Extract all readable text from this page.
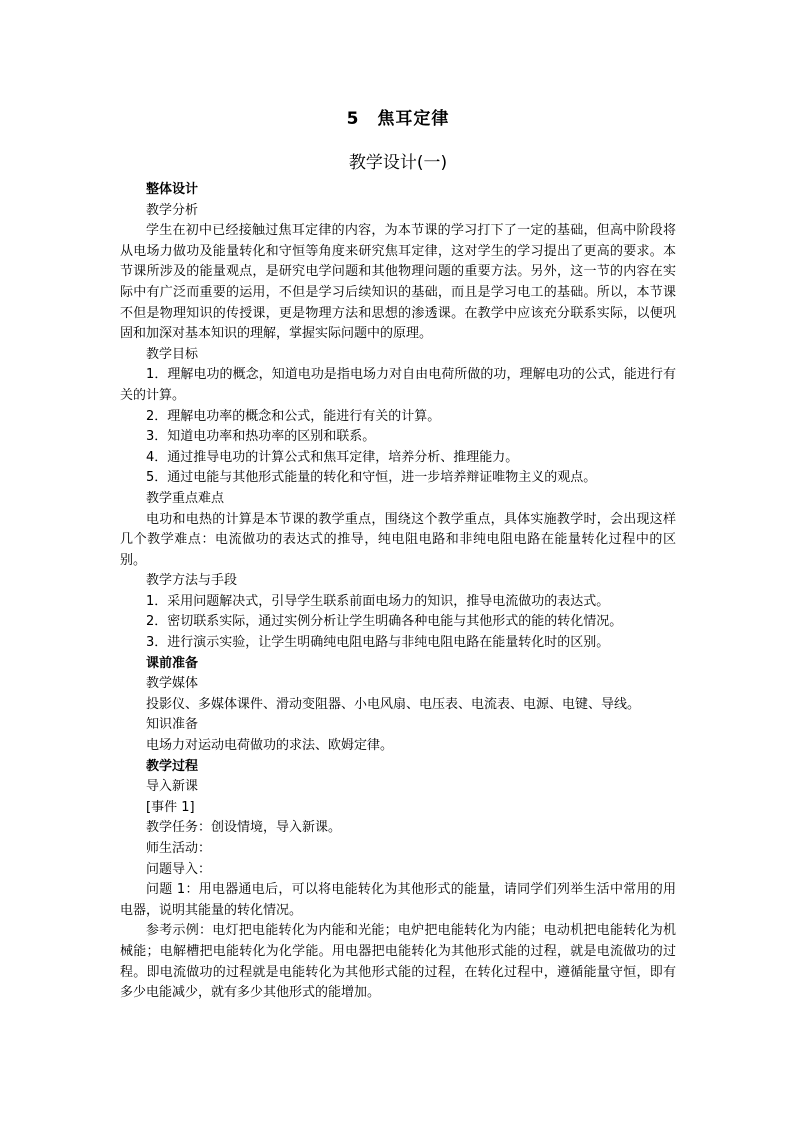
5　焦耳定律
教学设计(一)

整体设计

教学分析

学生在初中已经接触过焦耳定律的内容，为本节课的学习打下了一定的基础，但高中阶段将从电场力做功及能量转化和守恒等角度来研究焦耳定律，这对学生的学习提出了更高的要求。本节课所涉及的能量观点，是研究电学问题和其他物理问题的重要方法。另外，这一节的内容在实际中有广泛而重要的运用，不但是学习后续知识的基础，而且是学习电工的基础。所以，本节课不但是物理知识的传授课，更是物理方法和思想的渗透课。在教学中应该充分联系实际，以便巩固和加深对基本知识的理解，掌握实际问题中的原理。

教学目标

1．理解电功的概念，知道电功是指电场力对自由电荷所做的功，理解电功的公式，能进行有关的计算。

2．理解电功率的概念和公式，能进行有关的计算。

3．知道电功率和热功率的区别和联系。

4．通过推导电功的计算公式和焦耳定律，培养分析、推理能力。

5．通过电能与其他形式能量的转化和守恒，进一步培养辩证唯物主义的观点。

教学重点难点

电功和电热的计算是本节课的教学重点，围绕这个教学重点，具体实施教学时，会出现这样几个教学难点：电流做功的表达式的推导，纯电阻电路和非纯电阻电路在能量转化过程中的区别。

教学方法与手段

1．采用问题解决式，引导学生联系前面电场力的知识，推导电流做功的表达式。

2．密切联系实际，通过实例分析让学生明确各种电能与其他形式的能的转化情况。

3．进行演示实验，让学生明确纯电阻电路与非纯电阻电路在能量转化时的区别。

课前准备

教学媒体

投影仪、多媒体课件、滑动变阻器、小电风扇、电压表、电流表、电源、电键、导线。

知识准备

电场力对运动电荷做功的求法、欧姆定律。

教学过程

导入新课

[事件 1]

教学任务：创设情境，导入新课。

师生活动：

问题导入：

问题 1：用电器通电后，可以将电能转化为其他形式的能量，请同学们列举生活中常用的用电器，说明其能量的转化情况。

参考示例：电灯把电能转化为内能和光能；电炉把电能转化为内能；电动机把电能转化为机械能；电解槽把电能转化为化学能。用电器把电能转化为其他形式能的过程，就是电流做功的过程。即电流做功的过程就是电能转化为其他形式能的过程，在转化过程中，遵循能量守恒，即有多少电能减少，就有多少其他形式的能增加。
